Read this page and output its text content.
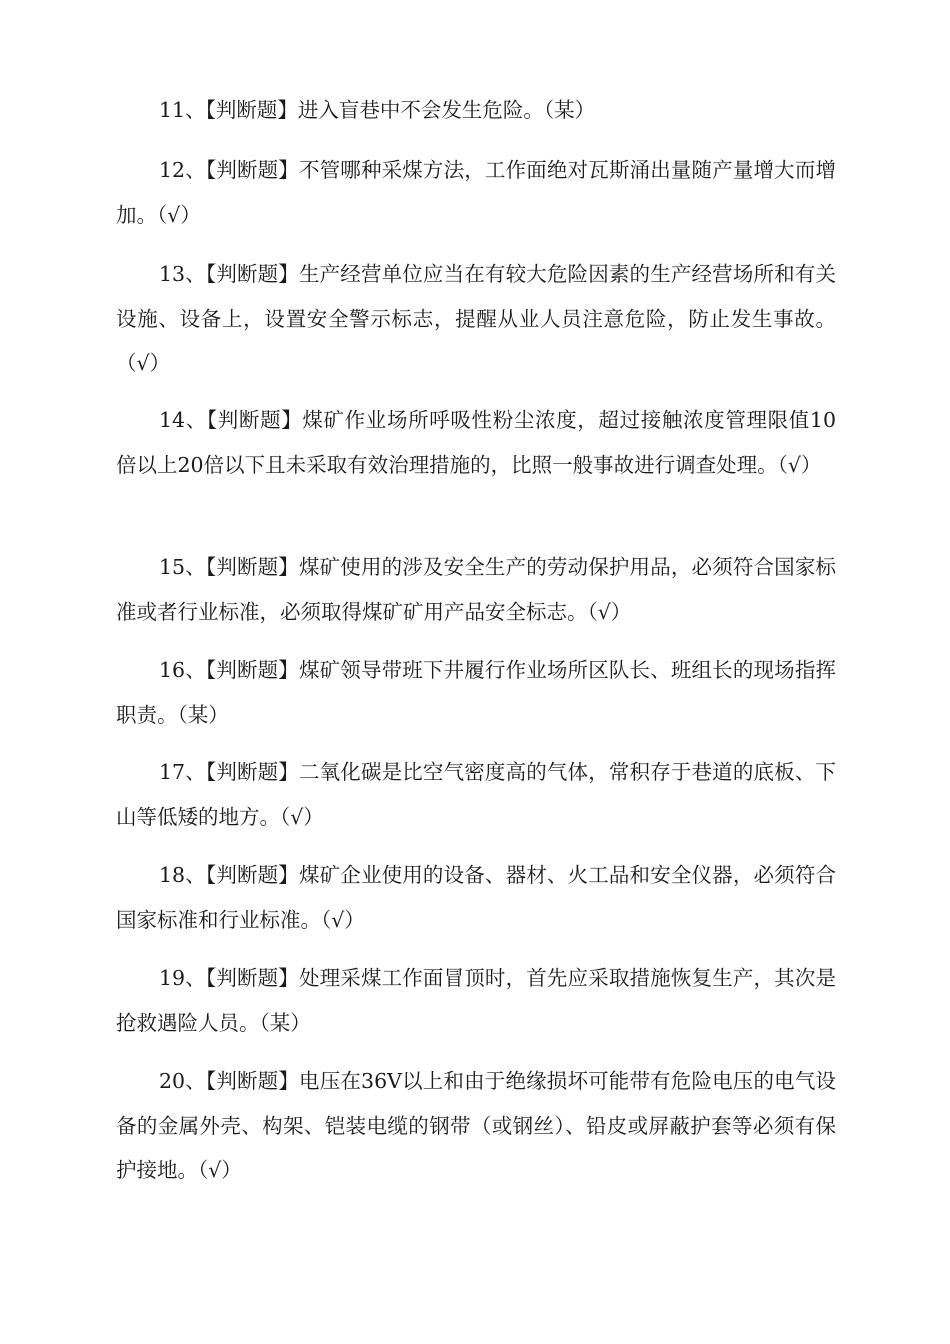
11、【判断题】进入盲巷中不会发生危险。（某）

12、【判断题】不管哪种采煤方法，工作面绝对瓦斯涌出量随产量增大而增加。（√）

13、【判断题】生产经营单位应当在有较大危险因素的生产经营场所和有关设施、设备上，设置安全警示标志，提醒从业人员注意危险，防止发生事故。（√）

14、【判断题】煤矿作业场所呼吸性粉尘浓度，超过接触浓度管理限值10倍以上20倍以下且未采取有效治理措施的，比照一般事故进行调查处理。（√）

15、【判断题】煤矿使用的涉及安全生产的劳动保护用品，必须符合国家标准或者行业标准，必须取得煤矿矿用产品安全标志。（√）

16、【判断题】煤矿领导带班下井履行作业场所区队长、班组长的现场指挥职责。（某）

17、【判断题】二氧化碳是比空气密度高的气体，常积存于巷道的底板、下山等低矮的地方。（√）

18、【判断题】煤矿企业使用的设备、器材、火工品和安全仪器，必须符合国家标准和行业标准。（√）

19、【判断题】处理采煤工作面冒顶时，首先应采取措施恢复生产，其次是抢救遇险人员。（某）

20、【判断题】电压在36V以上和由于绝缘损坏可能带有危险电压的电气设备的金属外壳、构架、铠装电缆的钢带（或钢丝）、铅皮或屏蔽护套等必须有保护接地。（√）
